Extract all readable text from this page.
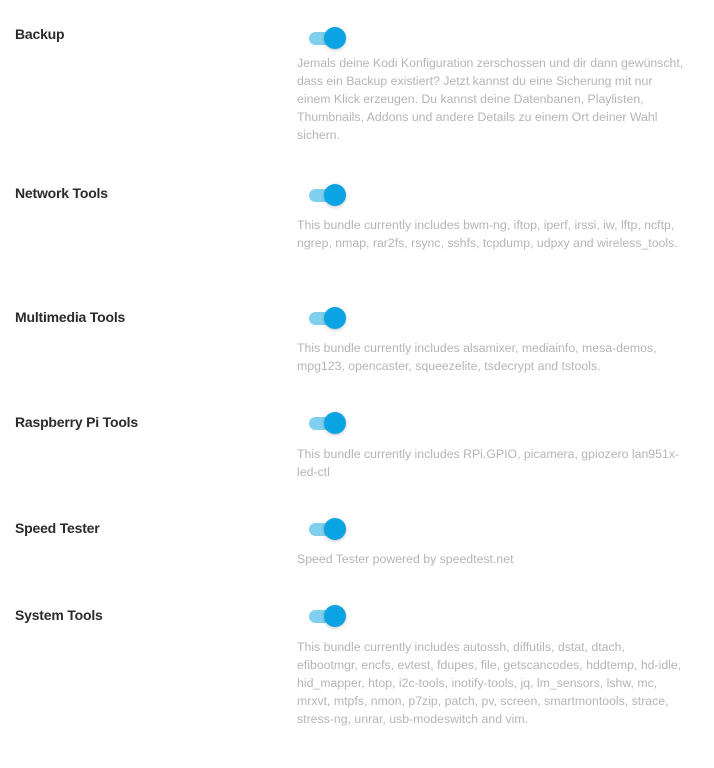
Backup

Jemals deine Kodi Konfiguration zerschossen und dir dann gewünscht, dass ein Backup existiert? Jetzt kannst du eine Sicherung mit nur einem Klick erzeugen. Du kannst deine Datenbanen, Playlisten, Thumbnails, Addons und andere Details zu einem Ort deiner Wahl sichern.

Network Tools

This bundle currently includes bwm-ng, iftop, iperf, irssi, iw, lftp, ncftp, ngrep, nmap, rar2fs, rsync, sshfs, tcpdump, udpxy and wireless_tools.

Multimedia Tools

This bundle currently includes alsamixer, mediainfo, mesa-demos, mpg123, opencaster, squeezelite, tsdecrypt and tstools.

Raspberry Pi Tools

This bundle currently includes RPi.GPIO, picamera, gpiozero lan951x-led-ctl

Speed Tester

Speed Tester powered by speedtest.net

System Tools

This bundle currently includes autossh, diffutils, dstat, dtach, efibootmgr, encfs, evtest, fdupes, file, getscancodes, hddtemp, hd-idle, hid_mapper, htop, i2c-tools, inotify-tools, jq, lm_sensors, lshw, mc, mrxvt, mtpfs, nmon, p7zip, patch, pv, screen, smartmontools, strace, stress-ng, unrar, usb-modeswitch and vim.
